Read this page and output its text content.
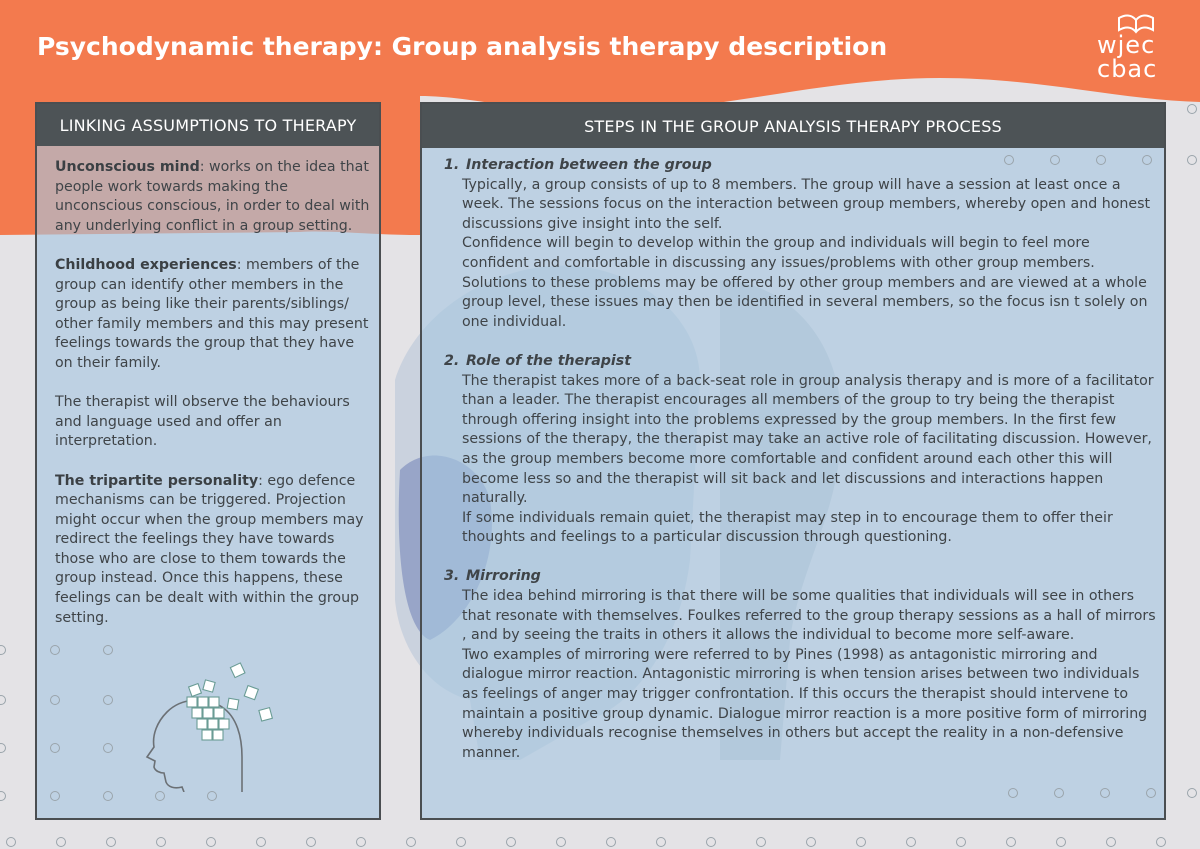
Psychodynamic therapy: Group analysis therapy description	wjec
cbac
LINKING ASSUMPTIONS TO THERAPY

Unconscious mind: works on the idea that people work towards making the unconscious conscious, in order to deal with any underlying conflict in a group setting.

Childhood experiences: members of the group can identify other members in the group as being like their parents/siblings/ other family members and this may present feelings towards the group that they have on their family.

The therapist will observe the behaviours and language used and offer an interpretation.

The tripartite personality: ego defence mechanisms can be triggered. Projection might occur when the group members may redirect the feelings they have towards those who are close to them towards the group instead. Once this happens, these feelings can be dealt with within the group setting.

STEPS IN THE GROUP ANALYSIS THERAPY PROCESS
1. Interaction between the group

Typically, a group consists of up to 8 members. The group will have a session at least once a week. The sessions focus on the interaction between group members, whereby open and honest discussions give insight into the self.

Confidence will begin to develop within the group and individuals will begin to feel more confident and comfortable in discussing any issues/problems with other group members. Solutions to these problems may be offered by other group members and are viewed at a whole group level, these issues may then be identified in several members, so the focus isn t solely on one individual.

2. Role of the therapist

The therapist takes more of a back-seat role in group analysis therapy and is more of a facilitator than a leader. The therapist encourages all members of the group to try being the therapist through offering insight into the problems expressed by the group members. In the first few sessions of the therapy, the therapist may take an active role of facilitating discussion. However, as the group members become more comfortable and confident around each other this will become less so and the therapist will sit back and let discussions and interactions happen naturally.

If some individuals remain quiet, the therapist may step in to encourage them to offer their thoughts and feelings to a particular discussion through questioning.

3. Mirroring

The idea behind mirroring is that there will be some qualities that individuals will see in others that resonate with themselves. Foulkes referred to the group therapy sessions as a hall of mirrors , and by seeing the traits in others it allows the individual to become more self-aware.

Two examples of mirroring were referred to by Pines (1998) as antagonistic mirroring and dialogue mirror reaction. Antagonistic mirroring is when tension arises between two individuals as feelings of anger may trigger confrontation. If this occurs the therapist should intervene to maintain a positive group dynamic. Dialogue mirror reaction is a more positive form of mirroring whereby individuals recognise themselves in others but accept the reality in a non-defensive manner.
